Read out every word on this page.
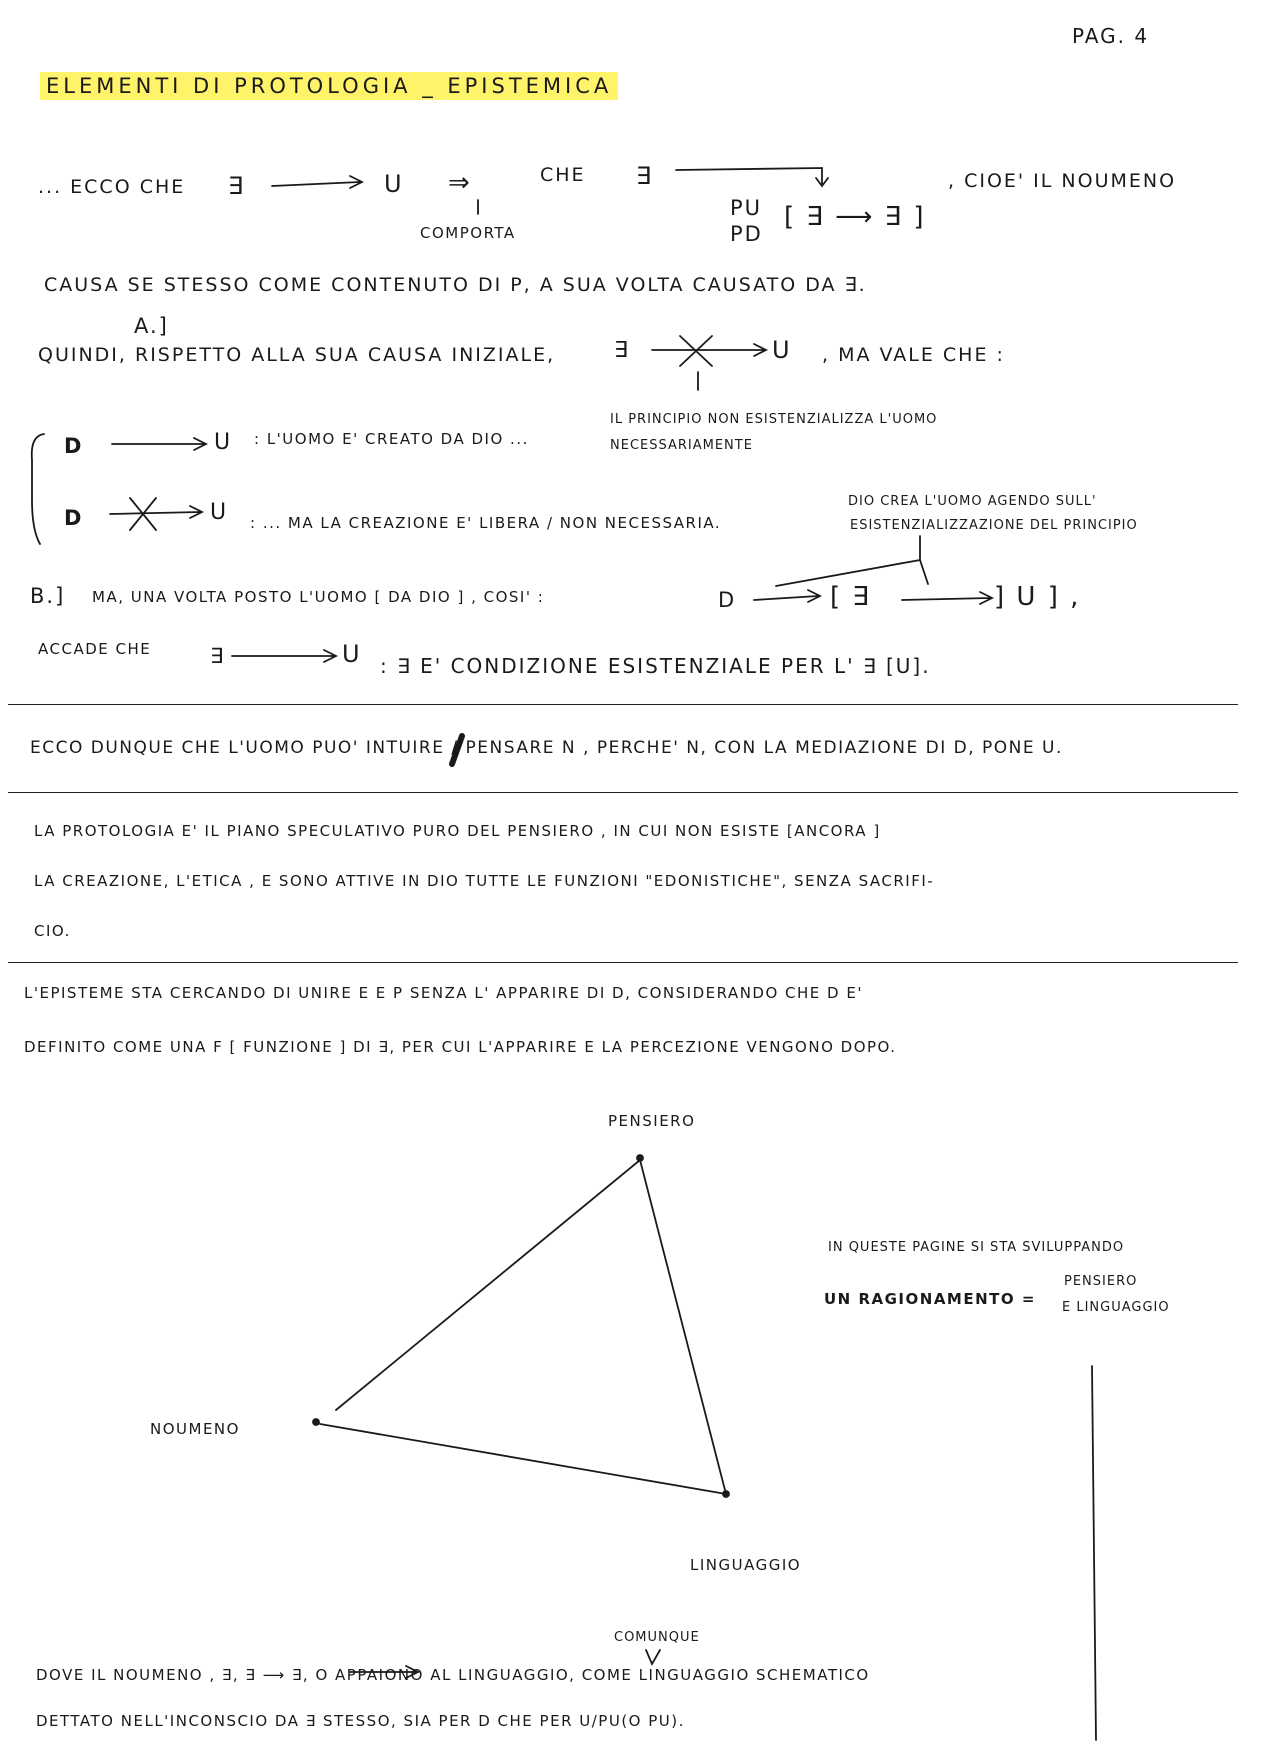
PAG. 4
ELEMENTI DI PROTOLOGIA _ EPISTEMICA
... ECCO CHE ∃	U ⇒
COMPORTA
CHE ∃
PU
PD
[ ∃ ⟶ ∃ ]
, CIOE' IL NOUMENO
CAUSA SE STESSO COME CONTENUTO DI P, A SUA VOLTA CAUSATO DA ∃.
A.]
QUINDI, RISPETTO ALLA SUA CAUSA INIZIALE,	∃	U , MA VALE CHE :
IL PRINCIPIO NON ESISTENZIALIZZA L'UOMO
NECESSARIAMENTE
D	U : L'UOMO E' CREATO DA DIO ...
D	U : ... MA LA CREAZIONE E' LIBERA / NON NECESSARIA.
DIO CREA L'UOMO AGENDO SULL'
ESISTENZIALIZZAZIONE DEL PRINCIPIO
B.] MA, UNA VOLTA POSTO L'UOMO [ DA DIO ] , COSI' :	D	[ ∃	] U ] ,
ACCADE CHE	∃	U : ∃ E' CONDIZIONE ESISTENZIALE PER L' ∃ [U].
ECCO DUNQUE CHE L'UOMO PUO' INTUIRE / PENSARE N , PERCHE' N, CON LA MEDIAZIONE DI D, PONE U.
LA PROTOLOGIA E' IL PIANO SPECULATIVO PURO DEL PENSIERO , IN CUI NON ESISTE [ANCORA ]
LA CREAZIONE, L'ETICA , E SONO ATTIVE IN DIO TUTTE LE FUNZIONI "EDONISTICHE", SENZA SACRIFI-
CIO.
L'EPISTEME STA CERCANDO DI UNIRE E E P SENZA L' APPARIRE DI D, CONSIDERANDO CHE D E'
DEFINITO COME UNA F [ FUNZIONE ] DI ∃, PER CUI L'APPARIRE E LA PERCEZIONE VENGONO DOPO.
PENSIERO
NOUMENO
LINGUAGGIO
IN QUESTE PAGINE SI STA SVILUPPANDO
UN RAGIONAMENTO =
PENSIERO
E LINGUAGGIO
COMUNQUE
DOVE IL NOUMENO , ∃, ∃ ⟶ ∃, O APPAIONO AL LINGUAGGIO, COME LINGUAGGIO SCHEMATICO
DETTATO NELL'INCONSCIO DA ∃ STESSO, SIA PER D CHE PER U/PU(O PU).
